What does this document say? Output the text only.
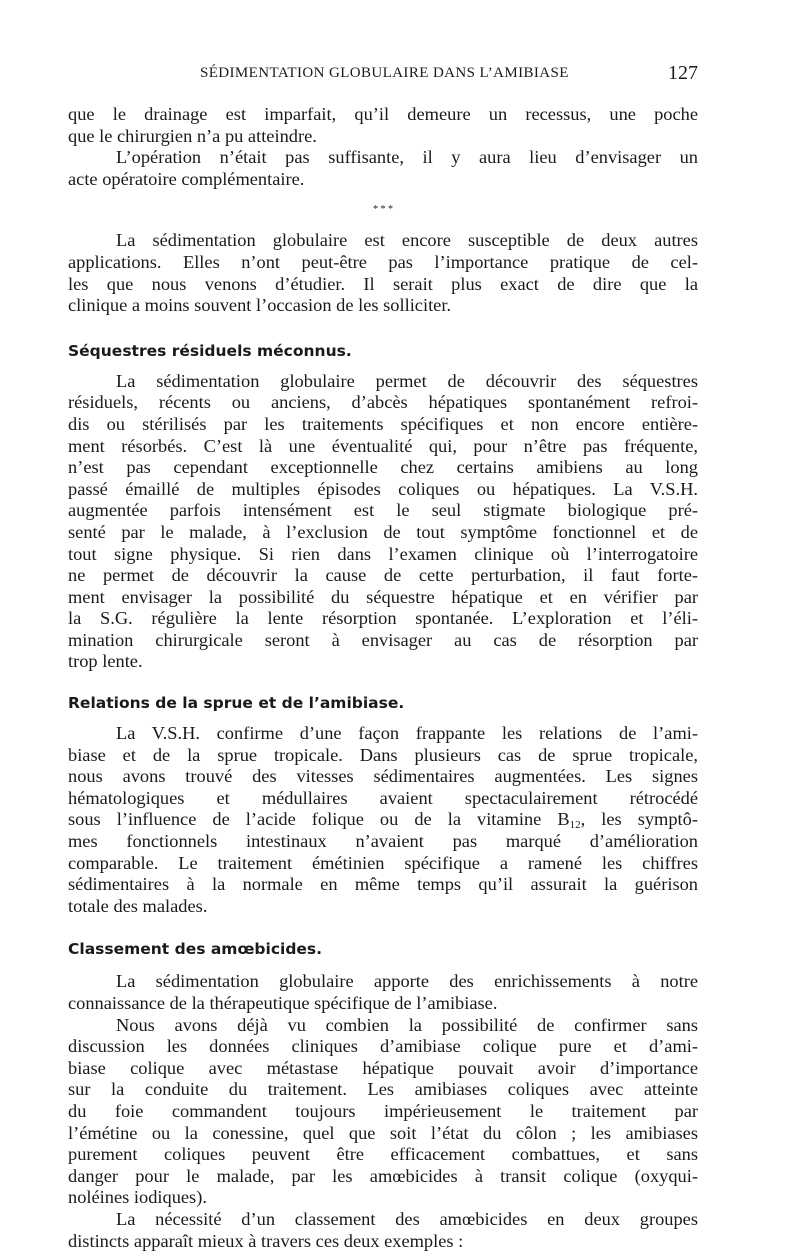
SÉDIMENTATION GLOBULAIRE DANS L’AMIBIASE	127
que le drainage est imparfait, qu’il demeure un recessus, une poche
que le chirurgien n’a pu atteindre.
L’opération n’était pas suffisante, il y aura lieu d’envisager un
acte opératoire complémentaire.
* * *
La sédimentation globulaire est encore susceptible de deux autres
applications. Elles n’ont peut-être pas l’importance pratique de cel-
les que nous venons d’étudier. Il serait plus exact de dire que la
clinique a moins souvent l’occasion de les solliciter.
Séquestres résiduels méconnus.
La sédimentation globulaire permet de découvrir des séquestres
résiduels, récents ou anciens, d’abcès hépatiques spontanément refroi-
dis ou stérilisés par les traitements spécifiques et non encore entière-
ment résorbés. C’est là une éventualité qui, pour n’être pas fréquente,
n’est pas cependant exceptionnelle chez certains amibiens au long
passé émaillé de multiples épisodes coliques ou hépatiques. La V.S.H.
augmentée parfois intensément est le seul stigmate biologique pré-
senté par le malade, à l’exclusion de tout symptôme fonctionnel et de
tout signe physique. Si rien dans l’examen clinique où l’interrogatoire
ne permet de découvrir la cause de cette perturbation, il faut forte-
ment envisager la possibilité du séquestre hépatique et en vérifier par
la S.G. régulière la lente résorption spontanée. L’exploration et l’éli-
mination chirurgicale seront à envisager au cas de résorption par
trop lente.
Relations de la sprue et de l’amibiase.
La V.S.H. confirme d’une façon frappante les relations de l’ami-
biase et de la sprue tropicale. Dans plusieurs cas de sprue tropicale,
nous avons trouvé des vitesses sédimentaires augmentées. Les signes
hématologiques et médullaires avaient spectaculairement rétrocédé
sous l’influence de l’acide folique ou de la vitamine $B_{12}$, les symptô-
mes fonctionnels intestinaux n’avaient pas marqué d’amélioration
comparable. Le traitement émétinien spécifique a ramené les chiffres
sédimentaires à la normale en même temps qu’il assurait la guérison
totale des malades.
Classement des amœbicides.
La sédimentation globulaire apporte des enrichissements à notre
connaissance de la thérapeutique spécifique de l’amibiase.
Nous avons déjà vu combien la possibilité de confirmer sans
discussion les données cliniques d’amibiase colique pure et d’ami-
biase colique avec métastase hépatique pouvait avoir d’importance
sur la conduite du traitement. Les amibiases coliques avec atteinte
du foie commandent toujours impérieusement le traitement par
l’émétine ou la conessine, quel que soit l’état du côlon ; les amibiases
purement coliques peuvent être efficacement combattues, et sans
danger pour le malade, par les amœbicides à transit colique (oxyqui-
noléines iodiques).
La nécessité d’un classement des amœbicides en deux groupes
distincts apparaît mieux à travers ces deux exemples :
